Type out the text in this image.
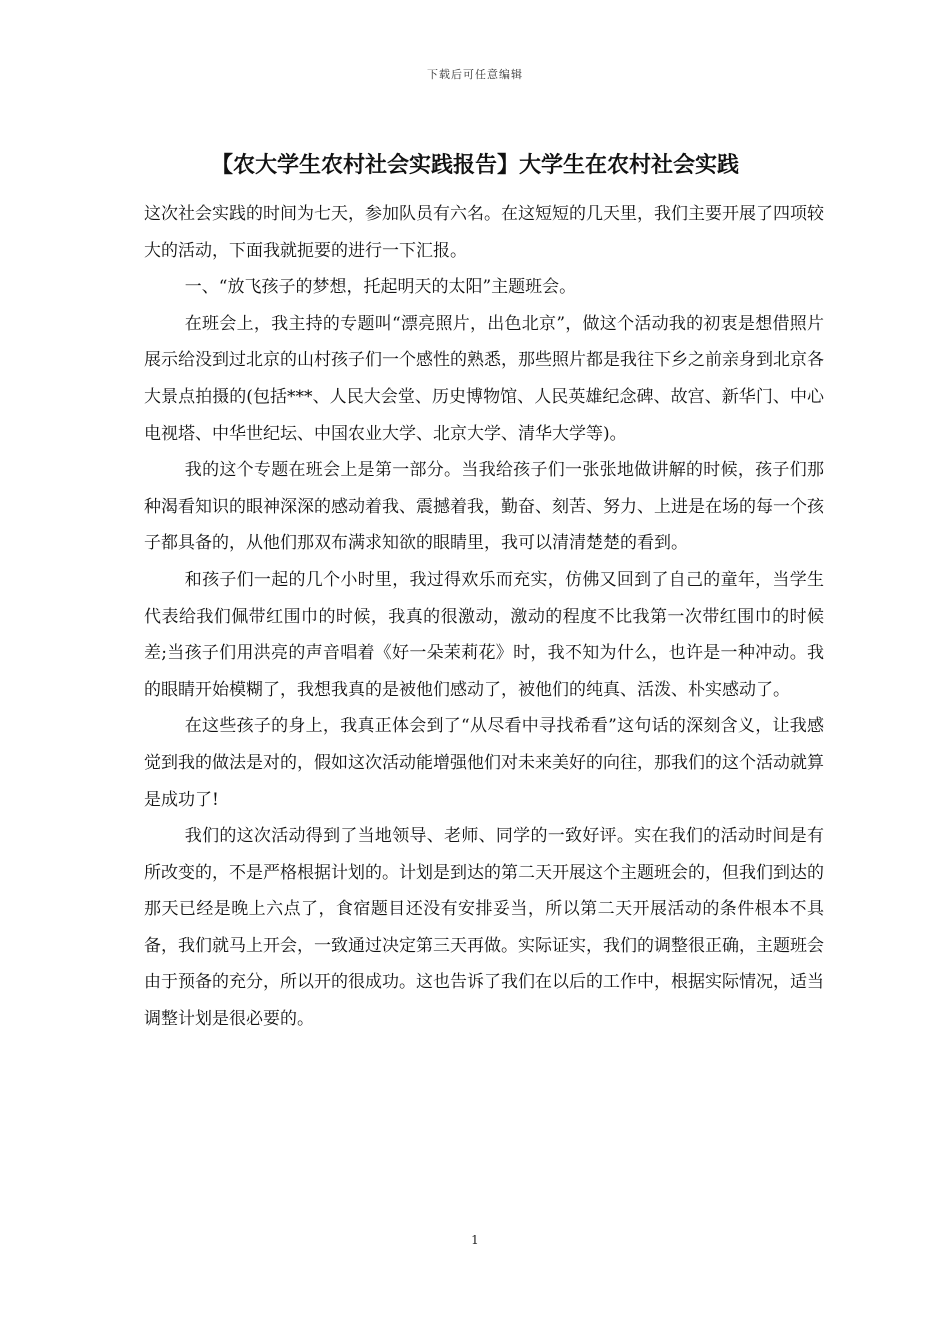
下载后可任意编辑
【农大学生农村社会实践报告】大学生在农村社会实践

这次社会实践的时间为七天，参加队员有六名。在这短短的几天里，我们主要开展了四项较大的活动，下面我就扼要的进行一下汇报。

一、“放飞孩子的梦想，托起明天的太阳”主题班会。

在班会上，我主持的专题叫“漂亮照片，出色北京”，做这个活动我的初衷是想借照片展示给没到过北京的山村孩子们一个感性的熟悉，那些照片都是我往下乡之前亲身到北京各大景点拍摄的(包括***、人民大会堂、历史博物馆、人民英雄纪念碑、故宫、新华门、中心电视塔、中华世纪坛、中国农业大学、北京大学、清华大学等)。

我的这个专题在班会上是第一部分。当我给孩子们一张张地做讲解的时候，孩子们那种渴看知识的眼神深深的感动着我、震撼着我，勤奋、刻苦、努力、上进是在场的每一个孩子都具备的，从他们那双布满求知欲的眼睛里，我可以清清楚楚的看到。

和孩子们一起的几个小时里，我过得欢乐而充实，仿佛又回到了自己的童年，当学生代表给我们佩带红围巾的时候，我真的很激动，激动的程度不比我第一次带红围巾的时候差;当孩子们用洪亮的声音唱着《好一朵茉莉花》时，我不知为什么，也许是一种冲动。我的眼睛开始模糊了，我想我真的是被他们感动了，被他们的纯真、活泼、朴实感动了。

在这些孩子的身上，我真正体会到了“从尽看中寻找希看”这句话的深刻含义，让我感觉到我的做法是对的，假如这次活动能增强他们对未来美好的向往，那我们的这个活动就算是成功了!

我们的这次活动得到了当地领导、老师、同学的一致好评。实在我们的活动时间是有所改变的，不是严格根据计划的。计划是到达的第二天开展这个主题班会的，但我们到达的那天已经是晚上六点了，食宿题目还没有安排妥当，所以第二天开展活动的条件根本不具备，我们就马上开会，一致通过决定第三天再做。实际证实，我们的调整很正确，主题班会由于预备的充分，所以开的很成功。这也告诉了我们在以后的工作中，根据实际情况，适当调整计划是很必要的。

1
